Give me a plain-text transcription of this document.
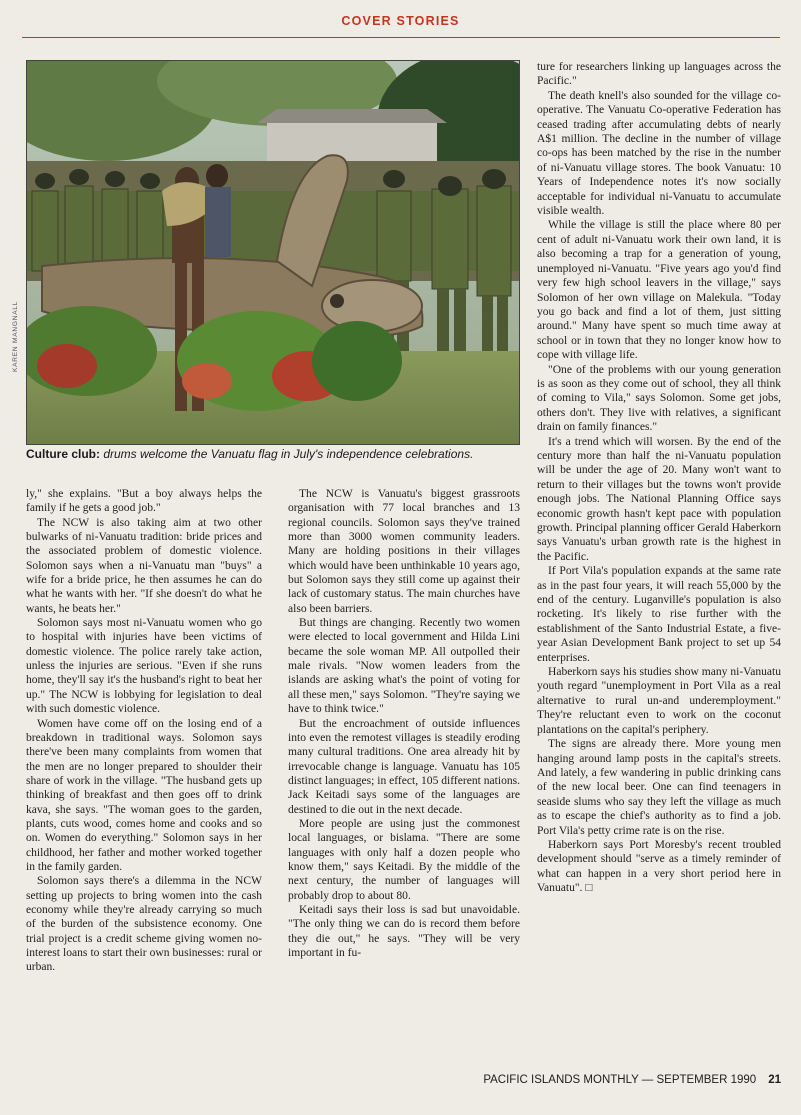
COVER STORIES
KAREN MANGNALL
Culture club: drums welcome the Vanuatu flag in July's independence celebrations.

ly," she explains. "But a boy always helps the family if he gets a good job."

The NCW is also taking aim at two other bulwarks of ni-Vanuatu tradition: bride prices and the associated problem of domestic violence. Solomon says when a ni-Vanuatu man "buys" a wife for a bride price, he then assumes he can do what he wants with her. "If she doesn't do what he wants, he beats her."

Solomon says most ni-Vanuatu women who go to hospital with injuries have been victims of domestic violence. The police rarely take action, unless the injuries are serious. "Even if she runs home, they'll say it's the husband's right to beat her up." The NCW is lobbying for legislation to deal with such domestic violence.

Women have come off on the losing end of a breakdown in traditional ways. Solomon says there've been many complaints from women that the men are no longer prepared to shoulder their share of work in the village. "The husband gets up thinking of breakfast and then goes off to drink kava, she says. "The woman goes to the garden, plants, cuts wood, comes home and cooks and so on. Women do everything." Solomon says in her childhood, her father and mother worked together in the family garden.

Solomon says there's a dilemma in the NCW setting up projects to bring women into the cash economy while they're already carrying so much of the burden of the subsistence economy. One trial project is a credit scheme giving women no-interest loans to start their own businesses: rural or urban.

The NCW is Vanuatu's biggest grassroots organisation with 77 local branches and 13 regional councils. Solomon says they've trained more than 3000 women community leaders. Many are holding positions in their villages which would have been unthinkable 10 years ago, but Solomon says they still come up against their lack of customary status. The main churches have also been barriers.

But things are changing. Recently two women were elected to local government and Hilda Lini became the sole woman MP. All outpolled their male rivals. "Now women leaders from the islands are asking what's the point of voting for all these men," says Solomon. "They're saying we have to think twice."

But the encroachment of outside influences into even the remotest villages is steadily eroding many cultural traditions. One area already hit by irrevocable change is language. Vanuatu has 105 distinct languages; in effect, 105 different nations. Jack Keitadi says some of the languages are destined to die out in the next decade.

More people are using just the commonest local languages, or bislama. "There are some languages with only half a dozen people who know them," says Keitadi. By the middle of the next century, the number of languages will probably drop to about 80.

Keitadi says their loss is sad but unavoidable. "The only thing we can do is record them before they die out," he says. "They will be very important in fu-

ture for researchers linking up languages across the Pacific."

The death knell's also sounded for the village co-operative. The Vanuatu Co-operative Federation has ceased trading after accumulating debts of nearly A$1 million. The decline in the number of village co-ops has been matched by the rise in the number of ni-Vanuatu village stores. The book Vanuatu: 10 Years of Independence notes it's now socially acceptable for individual ni-Vanuatu to accumulate visible wealth.

While the village is still the place where 80 per cent of adult ni-Vanuatu work their own land, it is also becoming a trap for a generation of young, unemployed ni-Vanuatu. "Five years ago you'd find very few high school leavers in the village," says Solomon of her own village on Malekula. "Today you go back and find a lot of them, just sitting around." Many have spent so much time away at school or in town that they no longer know how to cope with village life.

"One of the problems with our young generation is as soon as they come out of school, they all think of coming to Vila," says Solomon. Some get jobs, others don't. They live with relatives, a significant drain on family finances."

It's a trend which will worsen. By the end of the century more than half the ni-Vanuatu population will be under the age of 20. Many won't want to return to their villages but the towns won't provide enough jobs. The National Planning Office says economic growth hasn't kept pace with population growth. Principal planning officer Gerald Haberkorn says Vanuatu's urban growth rate is the highest in the Pacific.

If Port Vila's population expands at the same rate as in the past four years, it will reach 55,000 by the end of the century. Luganville's population is also rocketing. It's likely to rise further with the establishment of the Santo Industrial Estate, a five-year Asian Development Bank project to set up 54 enterprises.

Haberkorn says his studies show many ni-Vanuatu youth regard "unemployment in Port Vila as a real alternative to rural un-and underemployment." They're reluctant even to work on the coconut plantations on the capital's periphery.

The signs are already there. More young men hanging around lamp posts in the capital's streets. And lately, a few wandering in public drinking cans of the new local beer. One can find teenagers in seaside slums who say they left the village as much as to escape the chief's authority as to find a job. Port Vila's petty crime rate is on the rise.

Haberkorn says Port Moresby's recent troubled development should "serve as a timely reminder of what can happen in a very short period here in Vanuatu". □

PACIFIC ISLANDS MONTHLY — SEPTEMBER 1990 21
